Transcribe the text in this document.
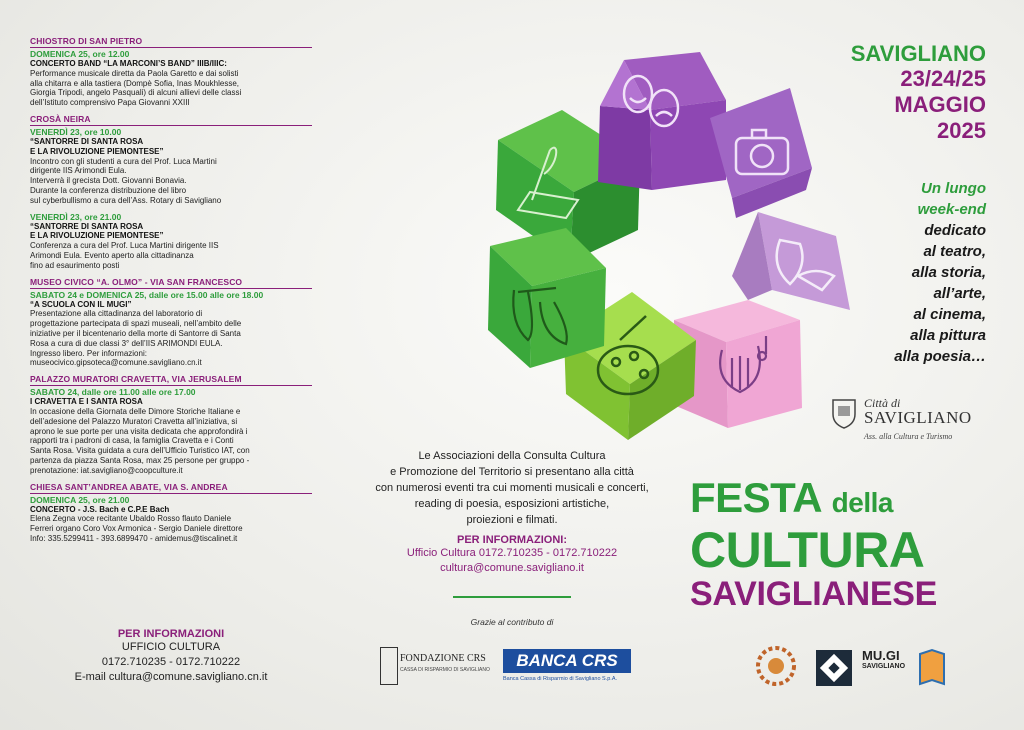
CHIOSTRO DI SAN PIETRO
DOMENICA 25, ore 12.00
CONCERTO BAND “LA MARCONI’S BAND” IIIB/IIIC:
Performance musicale diretta da Paola Garetto e dai solisti
alla chitarra e alla tastiera (Dompè Sofia, Inas Moukhlesse,
Giorgia Tripodi, angelo Pasquali) di alcuni allievi delle classi
dell’Istituto comprensivo Papa Giovanni XXIII
CROSÀ NEIRA
VENERDÌ 23, ore 10.00
“SANTORRE DI SANTA ROSA
E LA RIVOLUZIONE PIEMONTESE”
Incontro con gli studenti a cura del Prof. Luca Martini
dirigente IIS Arimondi Eula.
Interverrà il grecista Dott. Giovanni Bonavia.
Durante la conferenza distribuzione del libro
sul cyberbullismo a cura dell’Ass. Rotary di Savigliano
VENERDÌ 23, ore 21.00
“SANTORRE DI SANTA ROSA
E LA RIVOLUZIONE PIEMONTESE”
Conferenza a cura del Prof. Luca Martini dirigente IIS
Arimondi Eula. Evento aperto alla cittadinanza
fino ad esaurimento posti
MUSEO CIVICO “A. OLMO” - VIA SAN FRANCESCO
SABATO 24 e DOMENICA 25, dalle ore 15.00 alle ore 18.00
“A SCUOLA CON IL MUGI”
Presentazione alla cittadinanza del laboratorio di
progettazione partecipata di spazi museali, nell’ambito delle
iniziative per il bicentenario della morte di Santorre di Santa
Rosa a cura di due classi 3° dell’IIS ARIMONDI EULA.
Ingresso libero. Per informazioni:
museocivico.gipsoteca@comune.savigliano.cn.it
PALAZZO MURATORI CRAVETTA, VIA JERUSALEM
SABATO 24, dalle ore 11.00 alle ore 17.00
I CRAVETTA E I SANTA ROSA
In occasione della Giornata delle Dimore Storiche Italiane e
dell’adesione del Palazzo Muratori Cravetta all’iniziativa, si
aprono le sue porte per una visita dedicata che approfondirà i
rapporti tra i padroni di casa, la famiglia Cravetta e i Conti
Santa Rosa. Visita guidata a cura dell’Ufficio Turistico IAT, con
partenza da piazza Santa Rosa, max 25 persone per gruppo -
prenotazione: iat.savigliano@coopculture.it
CHIESA SANT’ANDREA ABATE, VIA S. ANDREA
DOMENICA 25, ore 21.00
CONCERTO - J.S. Bach e C.P.E Bach
Elena Zegna voce recitante Ubaldo Rosso flauto Daniele
Ferreri organo Coro Vox Armonica - Sergio Daniele direttore
Info: 335.5299411 - 393.6899470 - amidemus@tiscalinet.it
PER INFORMAZIONI
UFFICIO CULTURA
0172.710235 - 0172.710222
E-mail cultura@comune.savigliano.cn.it
Le Associazioni della Consulta Cultura
e Promozione del Territorio si presentano alla città
con numerosi eventi tra cui momenti musicali e concerti,
reading di poesia, esposizioni artistiche,
proiezioni e filmati.
PER INFORMAZIONI:
Ufficio Cultura 0172.710235 - 0172.710222
cultura@comune.savigliano.it
Grazie al contributo di
FONDAZIONE CRS
CASSA DI RISPARMIO DI SAVIGLIANO	BANCA CRS
Banca Cassa di Risparmio di Savigliano S.p.A.
SAVIGLIANO
23/24/25
MAGGIO
2025
Un lungo
week-end
dedicato
al teatro,
alla storia,
all’arte,
al cinema,
alla pittura
alla poesia…
Città di
SAVIGLIANO
Ass. alla Cultura e Turismo
FESTA della
CULTURA
SAVIGLIANESE
MU.GI
SAVIGLIANO
